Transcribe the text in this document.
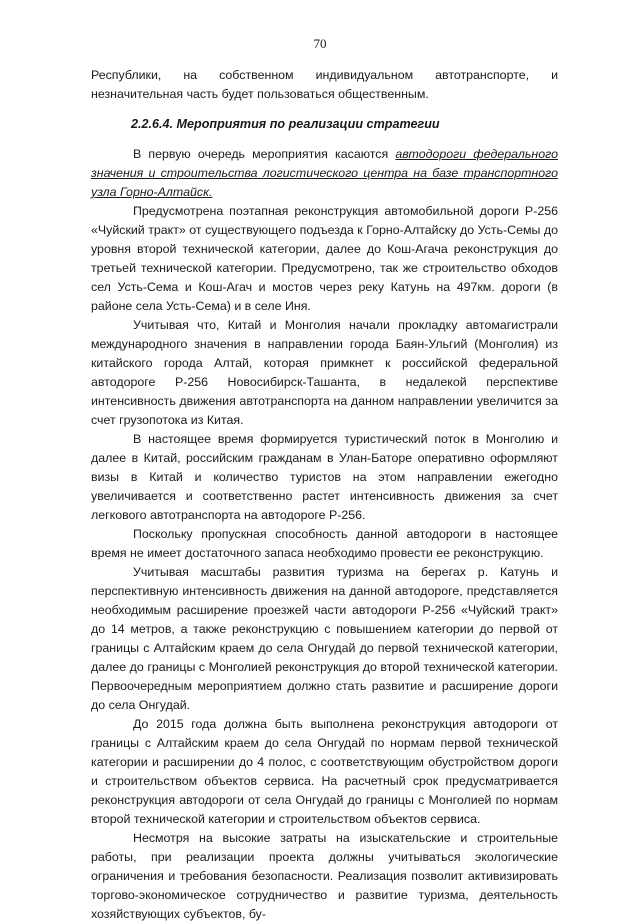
70

Республики, на собственном индивидуальном автотранспорте, и незначительная часть будет пользоваться общественным.

2.2.6.4. Мероприятия по реализации стратегии

В первую очередь мероприятия касаются автодороги федерального значения и строительства логистического центра на базе транспортного узла Горно-Алтайск.

Предусмотрена поэтапная реконструкция автомобильной дороги Р-256 «Чуйский тракт» от существующего подъезда к Горно-Алтайску до Усть-Семы до уровня второй технической категории, далее до Кош-Агача реконструкция до третьей технической категории. Предусмотрено, так же строительство обходов сел Усть-Сема и Кош-Агач и мостов через реку Катунь на 497км. дороги (в районе села Усть-Сема) и в селе Иня.

Учитывая что, Китай и Монголия начали прокладку автомагистрали международного значения в направлении города Баян-Ульгий (Монголия) из китайского города Алтай, которая примкнет к российской федеральной автодороге Р-256 Новосибирск-Ташанта, в недалекой перспективе интенсивность движения автотранспорта на данном направлении увеличится за счет грузопотока из Китая.

В настоящее время формируется туристический поток в Монголию и далее в Китай, российским гражданам в Улан-Баторе оперативно оформляют визы в Китай и количество туристов на этом направлении ежегодно увеличивается и соответственно растет интенсивность движения за счет легкового автотранспорта на автодороге Р-256.

Поскольку пропускная способность данной автодороги в настоящее время не имеет достаточного запаса необходимо провести ее реконструкцию.

Учитывая масштабы развития туризма на берегах р. Катунь и перспективную интенсивность движения на данной автодороге, представляется необходимым расширение проезжей части автодороги Р-256 «Чуйский тракт» до 14 метров, а также реконструкцию с повышением категории до первой от границы с Алтайским краем до села Онгудай до первой технической категории, далее до границы с Монголией реконструкция до второй технической категории. Первоочередным мероприятием должно стать развитие и расширение дороги до села Онгудай.

До 2015 года должна быть выполнена реконструкция автодороги от границы с Алтайским краем до села Онгудай по нормам первой технической категории и расширении до 4 полос, с соответствующим обустройством дороги и строительством объектов сервиса. На расчетный срок предусматривается реконструкция автодороги от села Онгудай до границы с Монголией по нормам второй технической категории и строительством объектов сервиса.

Несмотря на высокие затраты на изыскательские и строительные работы, при реализации проекта должны учитываться экологические ограничения и требования безопасности. Реализация позволит активизировать торгово-экономическое сотрудничество и развитие туризма, деятельность хозяйствующих субъектов, бу-
